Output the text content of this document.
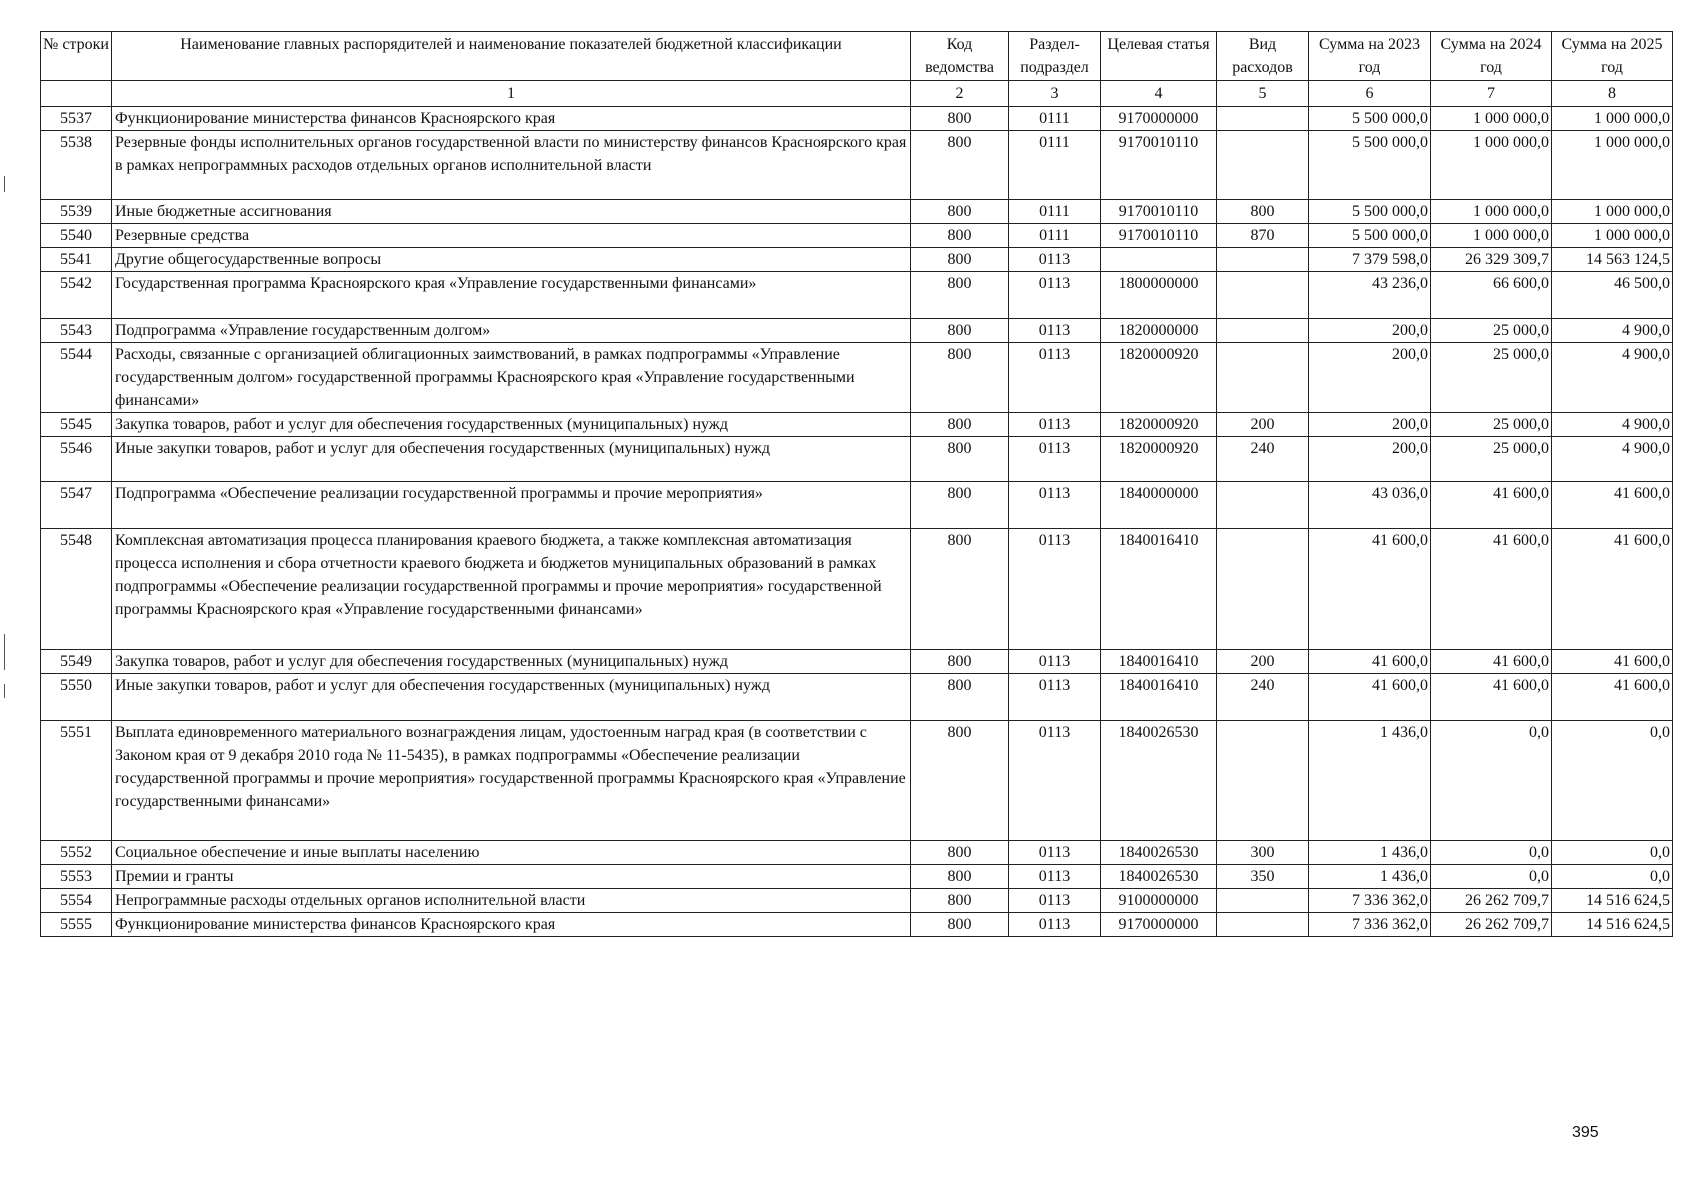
№ строки	Наименование главных распорядителей и наименование показателей бюджетной классификации	Код ведомства	Раздел-подраздел	Целевая статья	Вид расходов	Сумма на 2023 год	Сумма на 2024 год	Сумма на 2025 год
	1	2	3	4	5	6	7	8
5537	Функционирование министерства финансов Красноярского края	800	0111	9170000000		5 500 000,0	1 000 000,0	1 000 000,0
5538	Резервные фонды исполнительных органов государственной власти по министерству финансов Красноярского края в рамках непрограммных расходов отдельных органов исполнительной власти	800	0111	9170010110		5 500 000,0	1 000 000,0	1 000 000,0
5539	Иные бюджетные ассигнования	800	0111	9170010110	800	5 500 000,0	1 000 000,0	1 000 000,0
5540	Резервные средства	800	0111	9170010110	870	5 500 000,0	1 000 000,0	1 000 000,0
5541	Другие общегосударственные вопросы	800	0113			7 379 598,0	26 329 309,7	14 563 124,5
5542	Государственная программа Красноярского края «Управление государственными финансами»	800	0113	1800000000		43 236,0	66 600,0	46 500,0
5543	Подпрограмма «Управление государственным долгом»	800	0113	1820000000		200,0	25 000,0	4 900,0
5544	Расходы, связанные с организацией облигационных заимствований, в рамках подпрограммы «Управление государственным долгом» государственной программы Красноярского края «Управление государственными финансами»	800	0113	1820000920		200,0	25 000,0	4 900,0
5545	Закупка товаров, работ и услуг для обеспечения государственных (муниципальных) нужд	800	0113	1820000920	200	200,0	25 000,0	4 900,0
5546	Иные закупки товаров, работ и услуг для обеспечения государственных (муниципальных) нужд	800	0113	1820000920	240	200,0	25 000,0	4 900,0
5547	Подпрограмма «Обеспечение реализации государственной программы и прочие мероприятия»	800	0113	1840000000		43 036,0	41 600,0	41 600,0
5548	Комплексная автоматизация процесса планирования краевого бюджета, а также комплексная автоматизация процесса исполнения и сбора отчетности краевого бюджета и бюджетов муниципальных образований в рамках подпрограммы «Обеспечение реализации государственной программы и прочие мероприятия» государственной программы Красноярского края «Управление государственными финансами»	800	0113	1840016410		41 600,0	41 600,0	41 600,0
5549	Закупка товаров, работ и услуг для обеспечения государственных (муниципальных) нужд	800	0113	1840016410	200	41 600,0	41 600,0	41 600,0
5550	Иные закупки товаров, работ и услуг для обеспечения государственных (муниципальных) нужд	800	0113	1840016410	240	41 600,0	41 600,0	41 600,0
5551	Выплата единовременного материального вознаграждения лицам, удостоенным наград края (в соответствии с Законом края от 9 декабря 2010 года № 11-5435), в рамках подпрограммы «Обеспечение реализации государственной программы и прочие мероприятия» государственной программы Красноярского края «Управление государственными финансами»	800	0113	1840026530		1 436,0	0,0	0,0
5552	Социальное обеспечение и иные выплаты населению	800	0113	1840026530	300	1 436,0	0,0	0,0
5553	Премии и гранты	800	0113	1840026530	350	1 436,0	0,0	0,0
5554	Непрограммные расходы отдельных органов исполнительной власти	800	0113	9100000000		7 336 362,0	26 262 709,7	14 516 624,5
5555	Функционирование министерства финансов Красноярского края	800	0113	9170000000		7 336 362,0	26 262 709,7	14 516 624,5
395
